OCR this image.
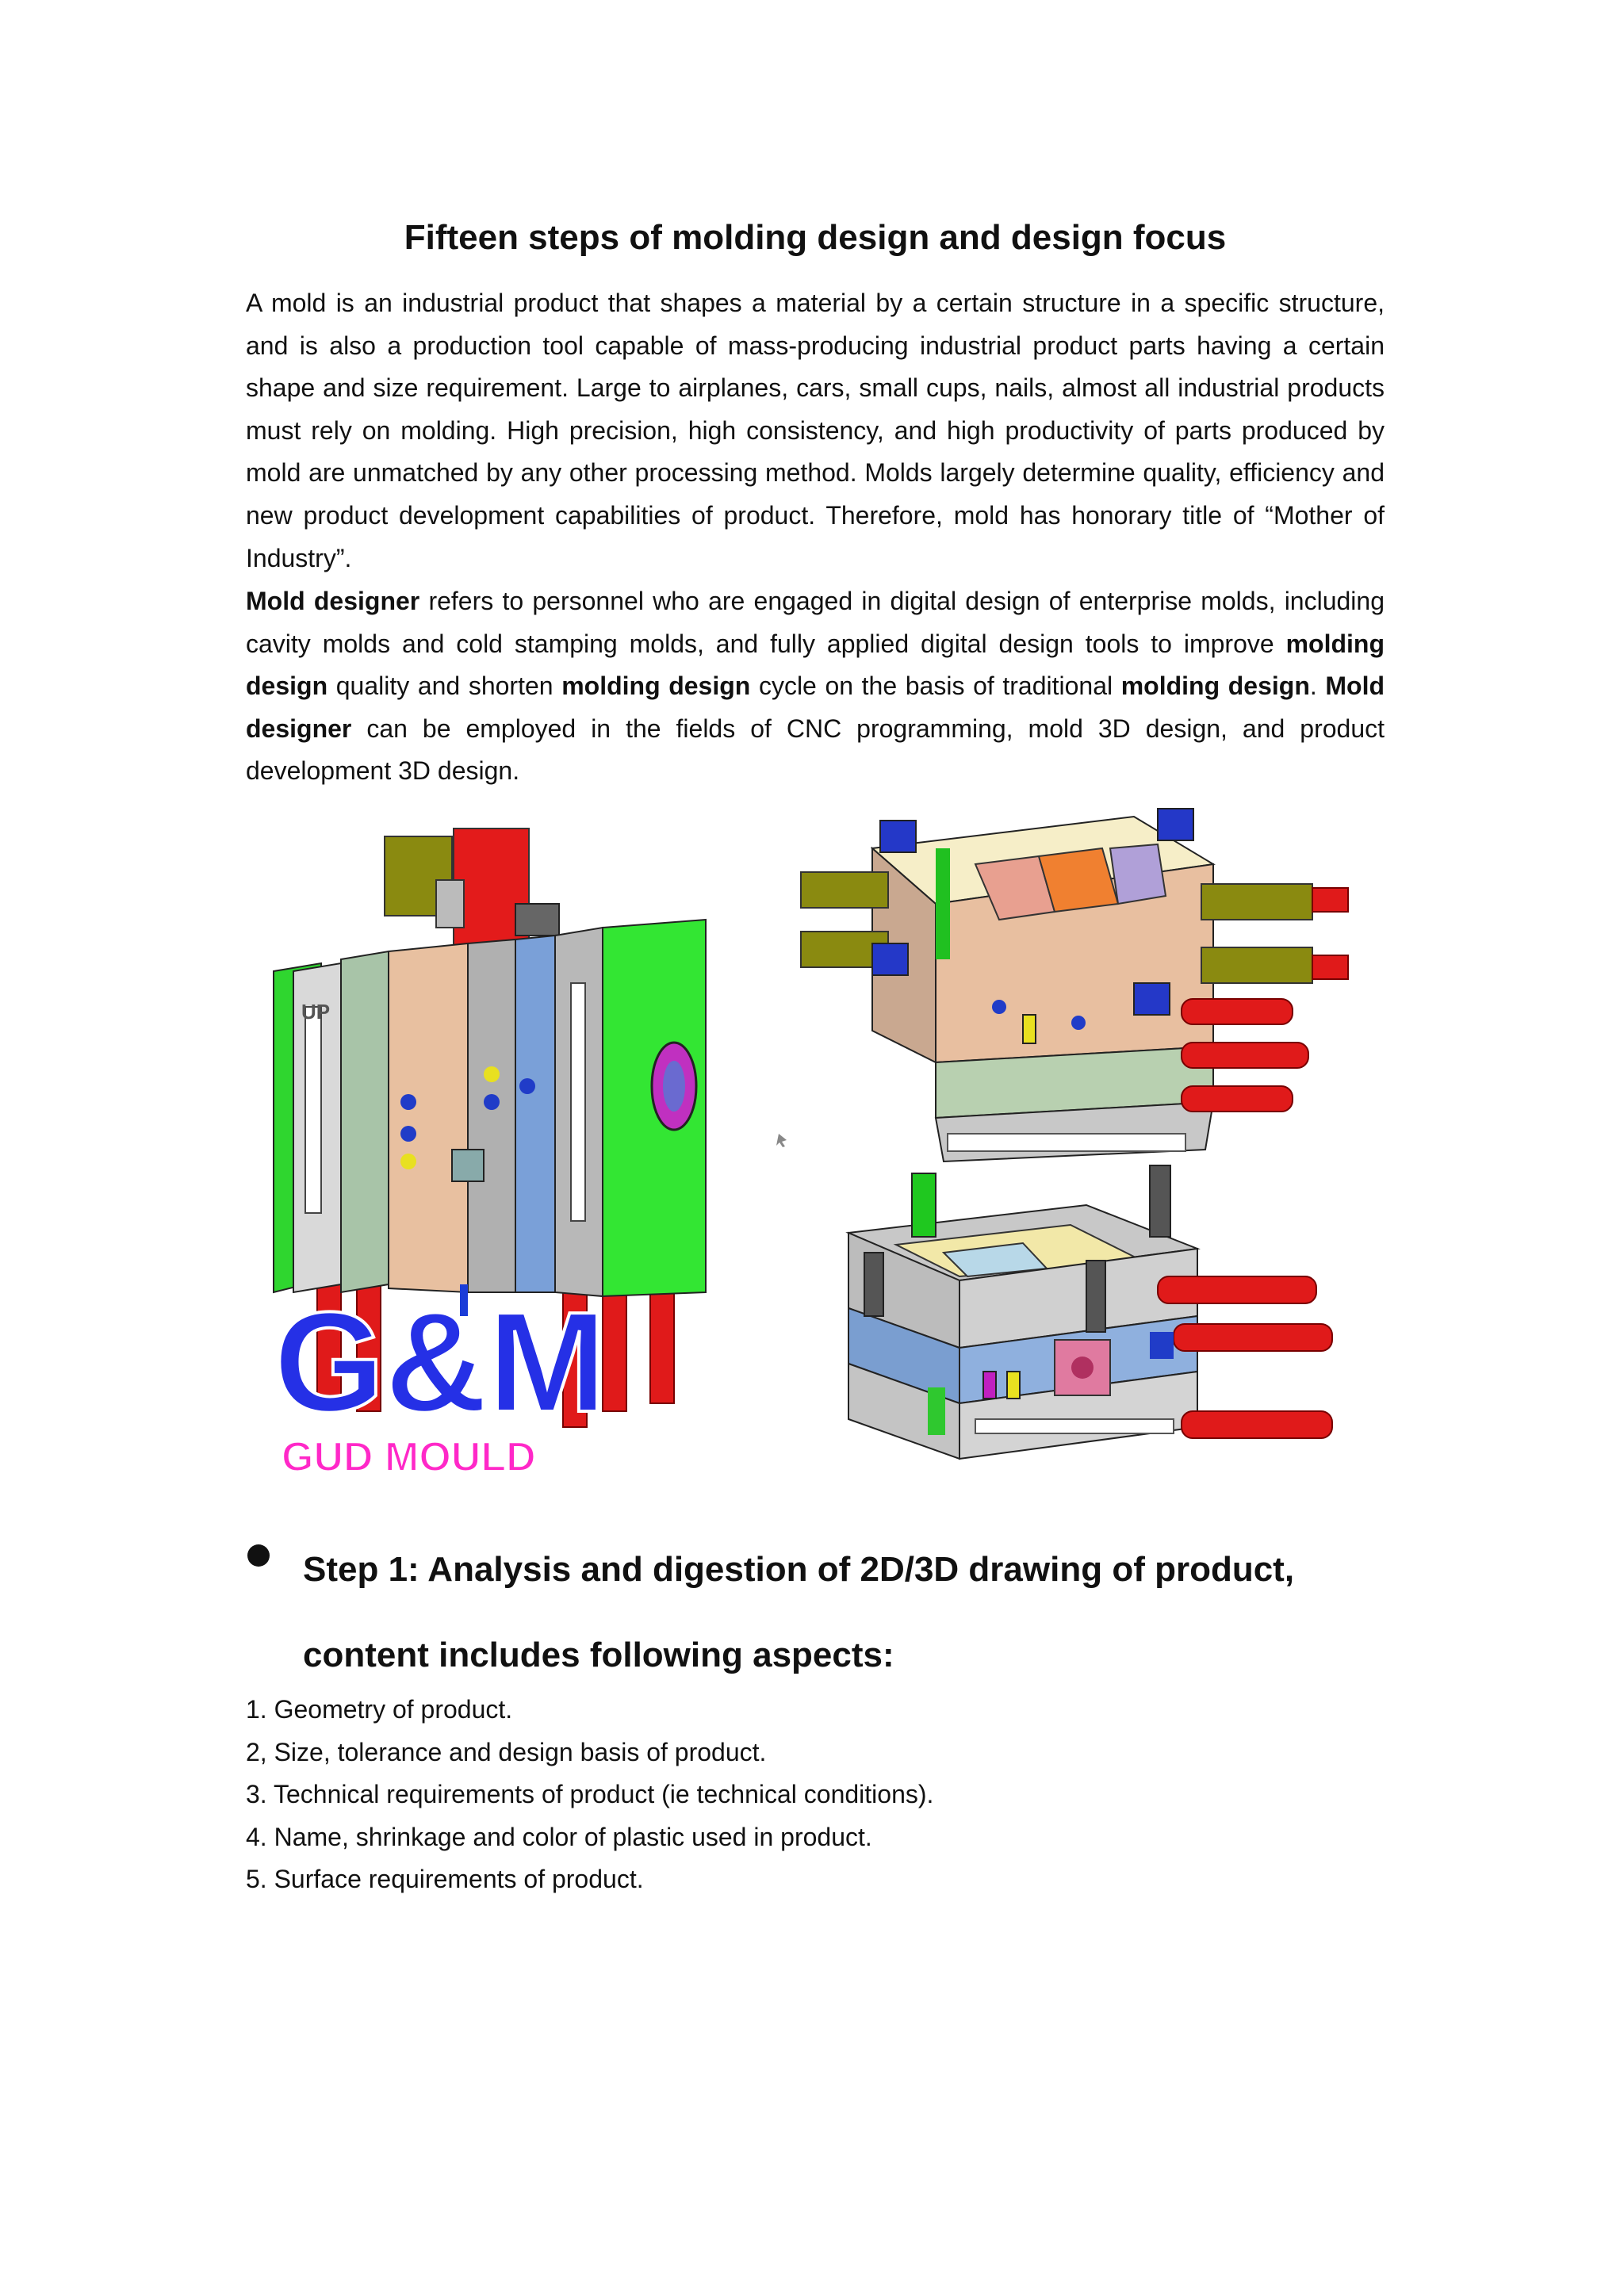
Fifteen steps of molding design and design focus

A mold is an industrial product that shapes a material by a certain structure in a specific structure, and is also a production tool capable of mass-producing industrial product parts having a certain shape and size requirement. Large to airplanes, cars, small cups, nails, almost all industrial products must rely on molding. High precision, high consistency, and high productivity of parts produced by mold are unmatched by any other processing method. Molds largely determine quality, efficiency and new product development capabilities of product. Therefore, mold has honorary title of “Mother of Industry”.

Mold designer refers to personnel who are engaged in digital design of enterprise molds, including cavity molds and cold stamping molds, and fully applied digital design tools to improve molding design quality and shorten molding design cycle on the basis of traditional molding design. Mold designer can be employed in the fields of CNC programming, mold 3D design, and product development 3D design.

UP
G&M
GUD MOULD
Step 1: Analysis and digestion of 2D/3D drawing of product, content includes following aspects:
1. Geometry of product.
2, Size, tolerance and design basis of product.
3. Technical requirements of product (ie technical conditions).
4. Name, shrinkage and color of plastic used in product.
5. Surface requirements of product.
